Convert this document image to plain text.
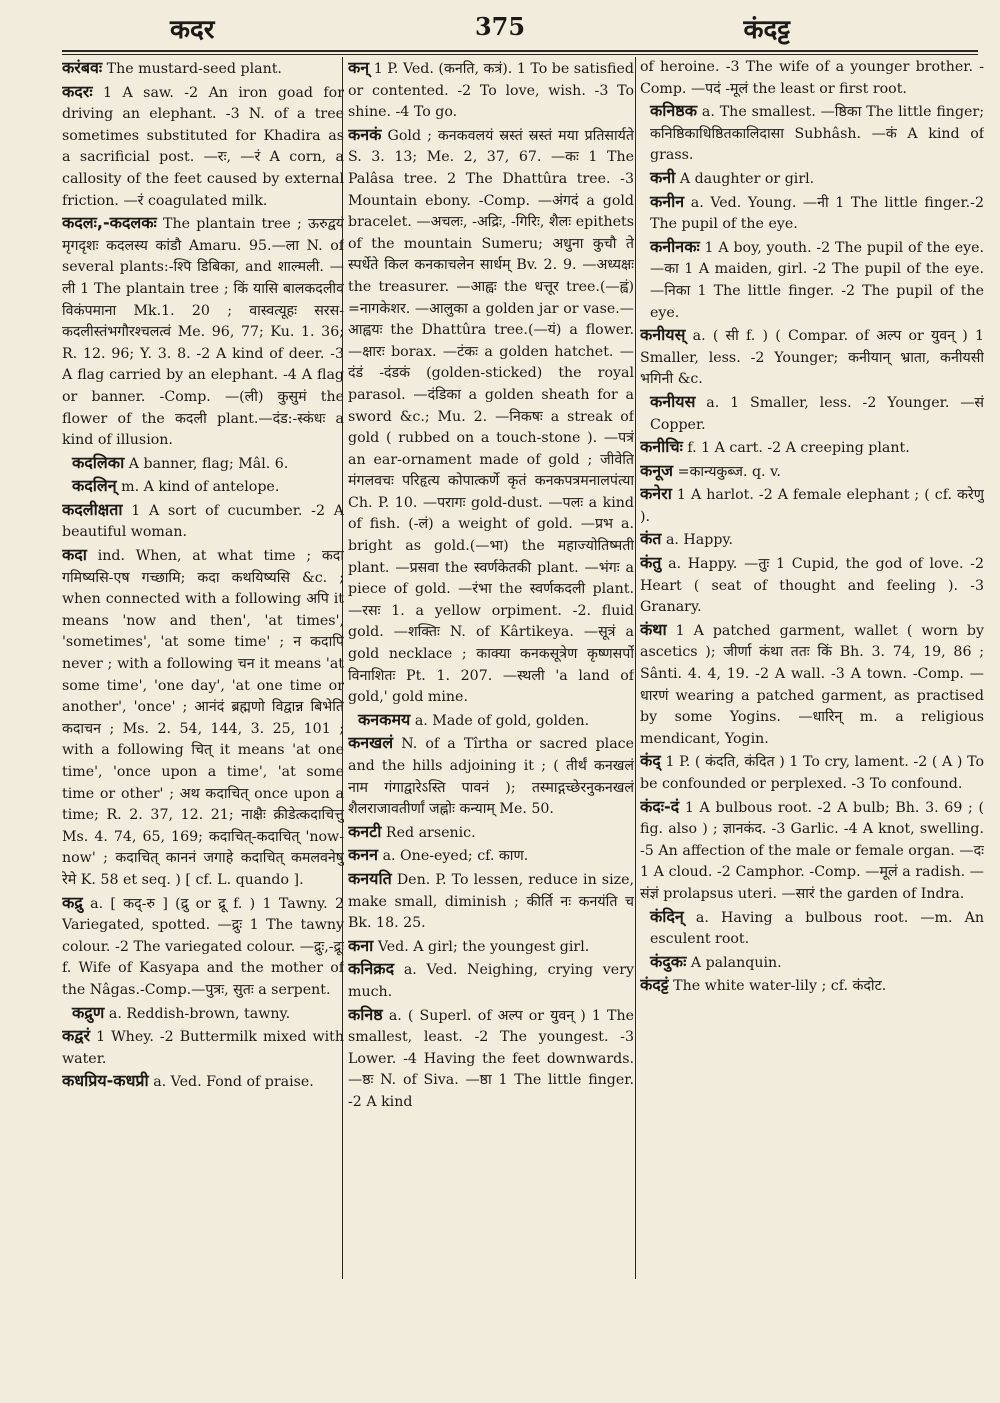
कदर	375	कंदट्ट

करंबवः The mustard-seed plant.

कदरः 1 A saw. -2 An iron goad for driving an elephant. -3 N. of a tree sometimes substituted for Khadira as a sacrificial post. —रः, —रं A corn, a callosity of the feet caused by external friction. —रं coagulated milk.

कदलः,-कदलकः The plantain tree ; ऊरुद्वयं मृगदृशः कदलस्य कांडौ Amaru. 95.—ला N. of several plants:-श्पि डिबिका, and शाल्मली. —ली 1 The plantain tree ; किं यासि बालकदलीव विकंपमाना Mk.1. 20 ; वास्वत्यूहः सरस-कदलीस्तंभगौरश्चलत्वं Me. 96, 77; Ku. 1. 36; R. 12. 96; Y. 3. 8. -2 A kind of deer. -3 A flag carried by an elephant. -4 A flag or banner. -Comp. —(ली) कुसुमं the flower of the कदली plant.—दंड:-स्कंधः a kind of illusion.

कदलिका A banner, flag; Mâl. 6.

कदलिन् m. A kind of antelope.

कदलीक्षता 1 A sort of cucumber. -2 A beautiful woman.

कदा ind. When, at what time ; कदा गमिष्यसि-एष गच्छामि; कदा कथयिष्यसि &c. ; when connected with a following अपि it means 'now and then', 'at times', 'sometimes', 'at some time' ; न कदापि never ; with a following चन it means 'at some time', 'one day', 'at one time or another', 'once' ; आनंदं ब्रह्मणो विद्वान्न बिभेति कदाचन ; Ms. 2. 54, 144, 3. 25, 101 ; with a following चित् it means 'at one time', 'once upon a time', 'at some time or other' ; अथ कदाचित् once upon a time; R. 2. 37, 12. 21; नाक्षैः क्रीडेत्कदाचित्तु Ms. 4. 74, 65, 169; कदाचित्-कदाचित् 'now-now' ; कदाचित् काननं जगाहे कदाचित् कमलवनेषु रेमे K. 58 et seq. ) [ cf. L. quando ].

कद्रु a. [ कद्-रु ] (द्रु or द्रू f. ) 1 Tawny. 2 Variegated, spotted. —द्रुः 1 The tawny colour. -2 The variegated colour. —द्रुः,-द्रूः f. Wife of Kasyapa and the mother of the Nâgas.-Comp.—पुत्रः, सुतः a serpent.

कद्रुण a. Reddish-brown, tawny.

कद्वरं 1 Whey. -2 Buttermilk mixed with water.

कधप्रिय-कधप्री a. Ved. Fond of praise.

कन् 1 P. Ved. (कनति, कत्रं). 1 To be satisfied or contented. -2 To love, wish. -3 To shine. -4 To go.

कनकं Gold ; कनकवलयं स्रस्तं स्रस्तं मया प्रतिसार्यते S. 3. 13; Me. 2, 37, 67. —कः 1 The Palâsa tree. 2 The Dhattûra tree. -3 Mountain ebony. -Comp. —अंगदं a gold bracelet. —अचलः, -अद्रिः, -गिरिः, शैलः epithets of the mountain Sumeru; अधुना कुचौ ते स्पर्धेते किल कनकाचलेन सार्धम् Bv. 2. 9. —अध्यक्षः the treasurer. —आह्वः the धत्तूर tree.(—ह्वं) =नागकेशर. —आलुका a golden jar or vase.—आह्वयः the Dhattûra tree.(—यं) a flower. —क्षारः borax. —टंकः a golden hatchet. —दंडं -दंडकं (golden-sticked) the royal parasol. —दंडिका a golden sheath for a sword &c.; Mu. 2. —निकषः a streak of gold ( rubbed on a touch-stone ). —पत्रं an ear-ornament made of gold ; जीवेति मंगलवचः परिहृत्य कोपात्कर्णे कृतं कनकपत्रमनालपंत्या Ch. P. 10. —परागः gold-dust. —पलः a kind of fish. (-लं) a weight of gold. —प्रभ a. bright as gold.(—भा) the महाज्योतिष्मती plant. —प्रसवा the स्वर्णकेतकी plant. —भंगः a piece of gold. —रंभा the स्वर्णकदली plant. —रसः 1. a yellow orpiment. -2. fluid gold. —शक्तिः N. of Kârtikeya. —सूत्रं a gold necklace ; काक्या कनकसूत्रेण कृष्णसर्पो विनाशितः Pt. 1. 207. —स्थली 'a land of gold,' gold mine.

कनकमय a. Made of gold, golden.

कनखलं N. of a Tîrtha or sacred place and the hills adjoining it ; ( तीर्थं कनखलं नाम गंगाद्वारेऽस्ति पावनं ); तस्माद्गच्छेरनुकनखलं शैलराजावतीर्णां जह्नोः कन्याम् Me. 50.

कनटी Red arsenic.

कनन a. One-eyed; cf. काण.

कनयति Den. P. To lessen, reduce in size, make small, diminish ; कीर्ति नः कनयंति च Bk. 18. 25.

कना Ved. A girl; the youngest girl.

कनिक्रद a. Ved. Neighing, crying very much.

कनिष्ठ a. ( Superl. of अल्प or युवन् ) 1 The smallest, least. -2 The youngest. -3 Lower. -4 Having the feet downwards. —ष्ठः N. of Siva. —ष्ठा 1 The little finger. -2 A kind

of heroine. -3 The wife of a younger brother. -Comp. —पदं -मूलं the least or first root.

कनिष्ठक a. The smallest. —ष्ठिका The little finger; कनिष्ठिकाधिष्ठितकालिदासा Subhâsh. —कं A kind of grass.

कनी A daughter or girl.

कनीन a. Ved. Young. —नी 1 The little finger.-2 The pupil of the eye.

कनीनकः 1 A boy, youth. -2 The pupil of the eye. —का 1 A maiden, girl. -2 The pupil of the eye. —निका 1 The little finger. -2 The pupil of the eye.

कनीयस् a. ( सी f. ) ( Compar. of अल्प or युवन् ) 1 Smaller, less. -2 Younger; कनीयान् भ्राता, कनीयसी भगिनी &c.

कनीयस a. 1 Smaller, less. -2 Younger. —सं Copper.

कनीचिः f. 1 A cart. -2 A creeping plant.

कनूज =कान्यकुब्ज. q. v.

कनेरा 1 A harlot. -2 A female elephant ; ( cf. करेणु ).

कंत a. Happy.

कंतु a. Happy. —तुः 1 Cupid, the god of love. -2 Heart ( seat of thought and feeling ). -3 Granary.

कंथा 1 A patched garment, wallet ( worn by ascetics ); जीर्णा कंथा ततः किं Bh. 3. 74, 19, 86 ; Sânti. 4. 4, 19. -2 A wall. -3 A town. -Comp. —धारणं wearing a patched garment, as practised by some Yogins. —धारिन् m. a religious mendicant, Yogin.

कंद् 1 P. ( कंदति, कंदित ) 1 To cry, lament. -2 ( A ) To be confounded or perplexed. -3 To confound.

कंदः-दं 1 A bulbous root. -2 A bulb; Bh. 3. 69 ; ( fig. also ) ; ज्ञानकंद. -3 Garlic. -4 A knot, swelling. -5 An affection of the male or female organ. —दः 1 A cloud. -2 Camphor. -Comp. —मूलं a radish. —संज्ञं prolapsus uteri. —सारं the garden of Indra.

कंदिन् a. Having a bulbous root. —m. An esculent root.

कंदुकः A palanquin.

कंदट्टं The white water-lily ; cf. कंदोट.
